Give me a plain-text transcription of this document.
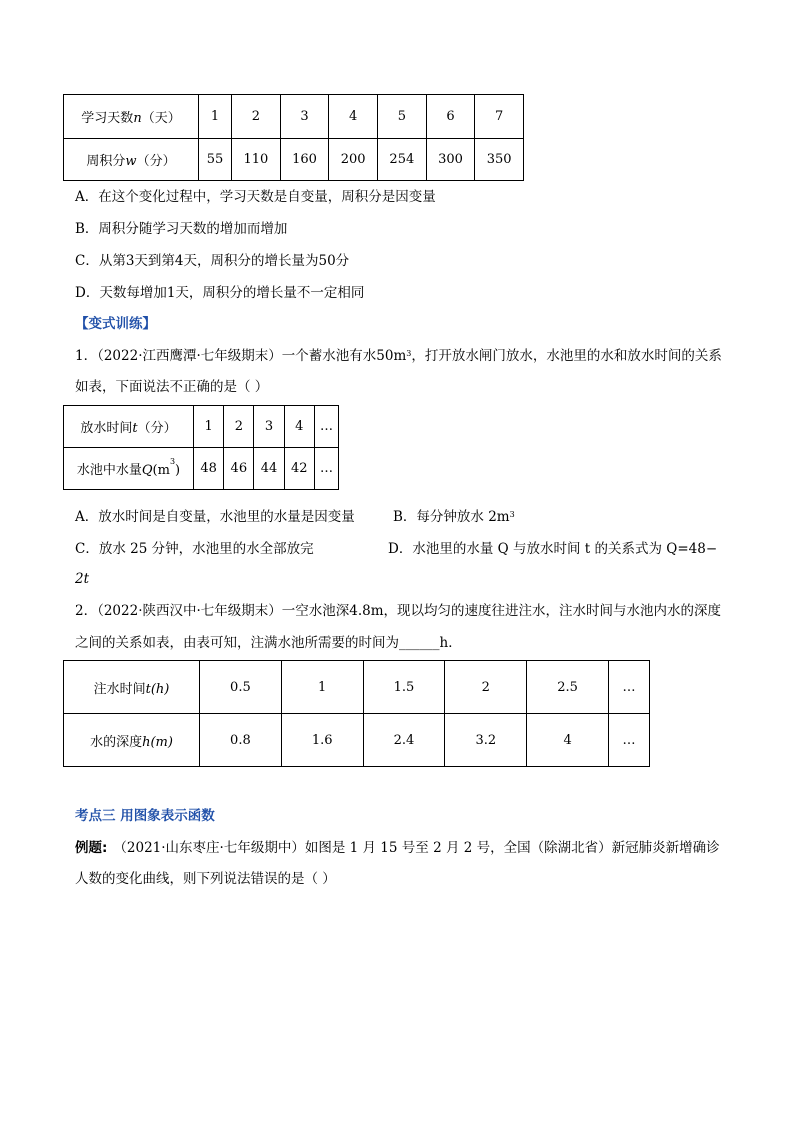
学习天数n（天）	1	2	3	4	5	6	7
周积分w（分）	55	110	160	200	254	300	350
A．在这个变化过程中，学习天数是自变量，周积分是因变量
B．周积分随学习天数的增加而增加
C．从第3天到第4天，周积分的增长量为50分
D．天数每增加1天，周积分的增长量不一定相同
【变式训练】
1．（2022·江西鹰潭·七年级期末）一个蓄水池有水$50m^3$，打开放水闸门放水，水池里的水和放水时间的关系
如表，下面说法不正确的是（ ）
放水时间t（分）	1	2	3	4	…
水池中水量$Q(m^3)$	48	46	44	42	…
A．放水时间是自变量，水池里的水量是因变量	B．每分钟放水 $2m^3$
C．放水 25 分钟，水池里的水全部放完	D．水池里的水量 Q 与放水时间 t 的关系式为 Q=48−
2t
2．（2022·陕西汉中·七年级期末）一空水池深4.8m，现以均匀的速度往进注水，注水时间与水池内水的深度
之间的关系如表，由表可知，注满水池所需要的时间为______h．
注水时间t(h)	0.5	1	1.5	2	2.5	…
水的深度h(m)	0.8	1.6	2.4	3.2	4	…
考点三 用图象表示函数
例题: （2021·山东枣庄·七年级期中）如图是 1 月 15 号至 2 月 2 号，全国（除湖北省）新冠肺炎新增确诊
人数的变化曲线，则下列说法错误的是（ ）
